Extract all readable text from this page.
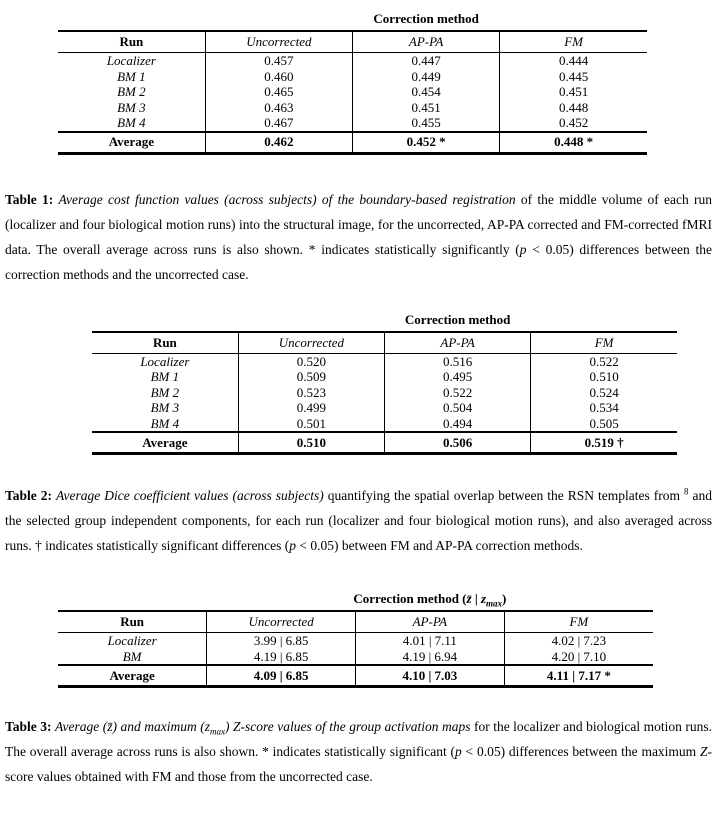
	Correction method		
Run	Uncorrected	AP-PA	FM
Localizer	0.457	0.447	0.444
BM 1	0.460	0.449	0.445
BM 2	0.465	0.454	0.451
BM 3	0.463	0.451	0.448
BM 4	0.467	0.455	0.452
Average	0.462	0.452 *	0.448 *

Table 1: Average cost function values (across subjects) of the boundary-based registration of the middle volume of each run (localizer and four biological motion runs) into the structural image, for the uncorrected, AP-PA corrected and FM-corrected fMRI data. The overall average across runs is also shown. * indicates statistically significantly (p < 0.05) differences between the correction methods and the uncorrected case.

	Correction method		
Run	Uncorrected	AP-PA	FM
Localizer	0.520	0.516	0.522
BM 1	0.509	0.495	0.510
BM 2	0.523	0.522	0.524
BM 3	0.499	0.504	0.534
BM 4	0.501	0.494	0.505
Average	0.510	0.506	0.519 †

Table 2: Average Dice coefficient values (across subjects) quantifying the spatial overlap between the RSN templates from $^8$ and the selected group independent components, for each run (localizer and four biological motion runs), and also averaged across runs. † indicates statistically significant differences (p < 0.05) between FM and AP-PA correction methods.

	Correction method (z̄ | $z_{max}$)		
Run	Uncorrected	AP-PA	FM
Localizer	3.99 | 6.85	4.01 | 7.11	4.02 | 7.23
BM	4.19 | 6.85	4.19 | 6.94	4.20 | 7.10
Average	4.09 | 6.85	4.10 | 7.03	4.11 | 7.17 *

Table 3: Average (z̄) and maximum $(z_{max})$ Z-score values of the group activation maps for the localizer and biological motion runs. The overall average across runs is also shown. * indicates statistically significant (p < 0.05) differences between the maximum Z-score values obtained with FM and those from the uncorrected case.
